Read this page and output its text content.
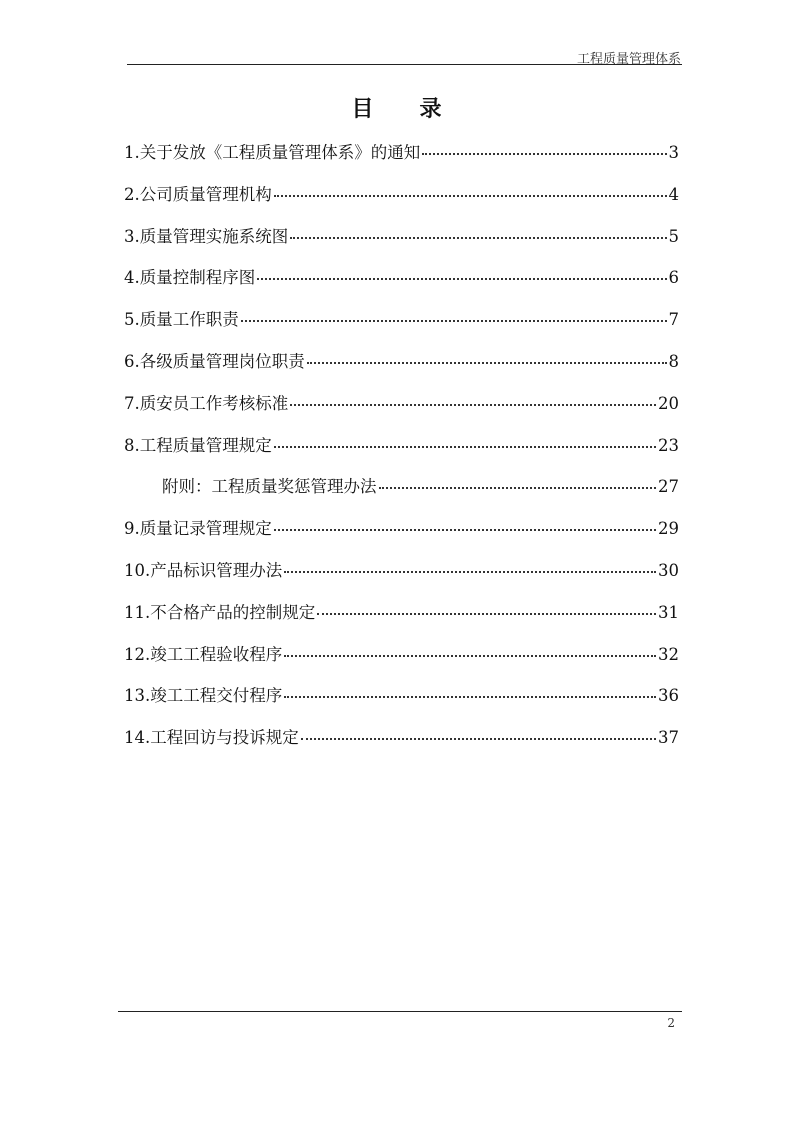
工程质量管理体系
目录
1.关于发放《工程质量管理体系》的通知	3
2.公司质量管理机构	4
3.质量管理实施系统图	5
4.质量控制程序图	6
5.质量工作职责	7
6.各级质量管理岗位职责	8
7.质安员工作考核标准	20
8.工程质量管理规定	23
附则：工程质量奖惩管理办法	27
9.质量记录管理规定	29
10.产品标识管理办法	30
11.不合格产品的控制规定	31
12.竣工工程验收程序	32
13.竣工工程交付程序	36
14.工程回访与投诉规定	37
2
